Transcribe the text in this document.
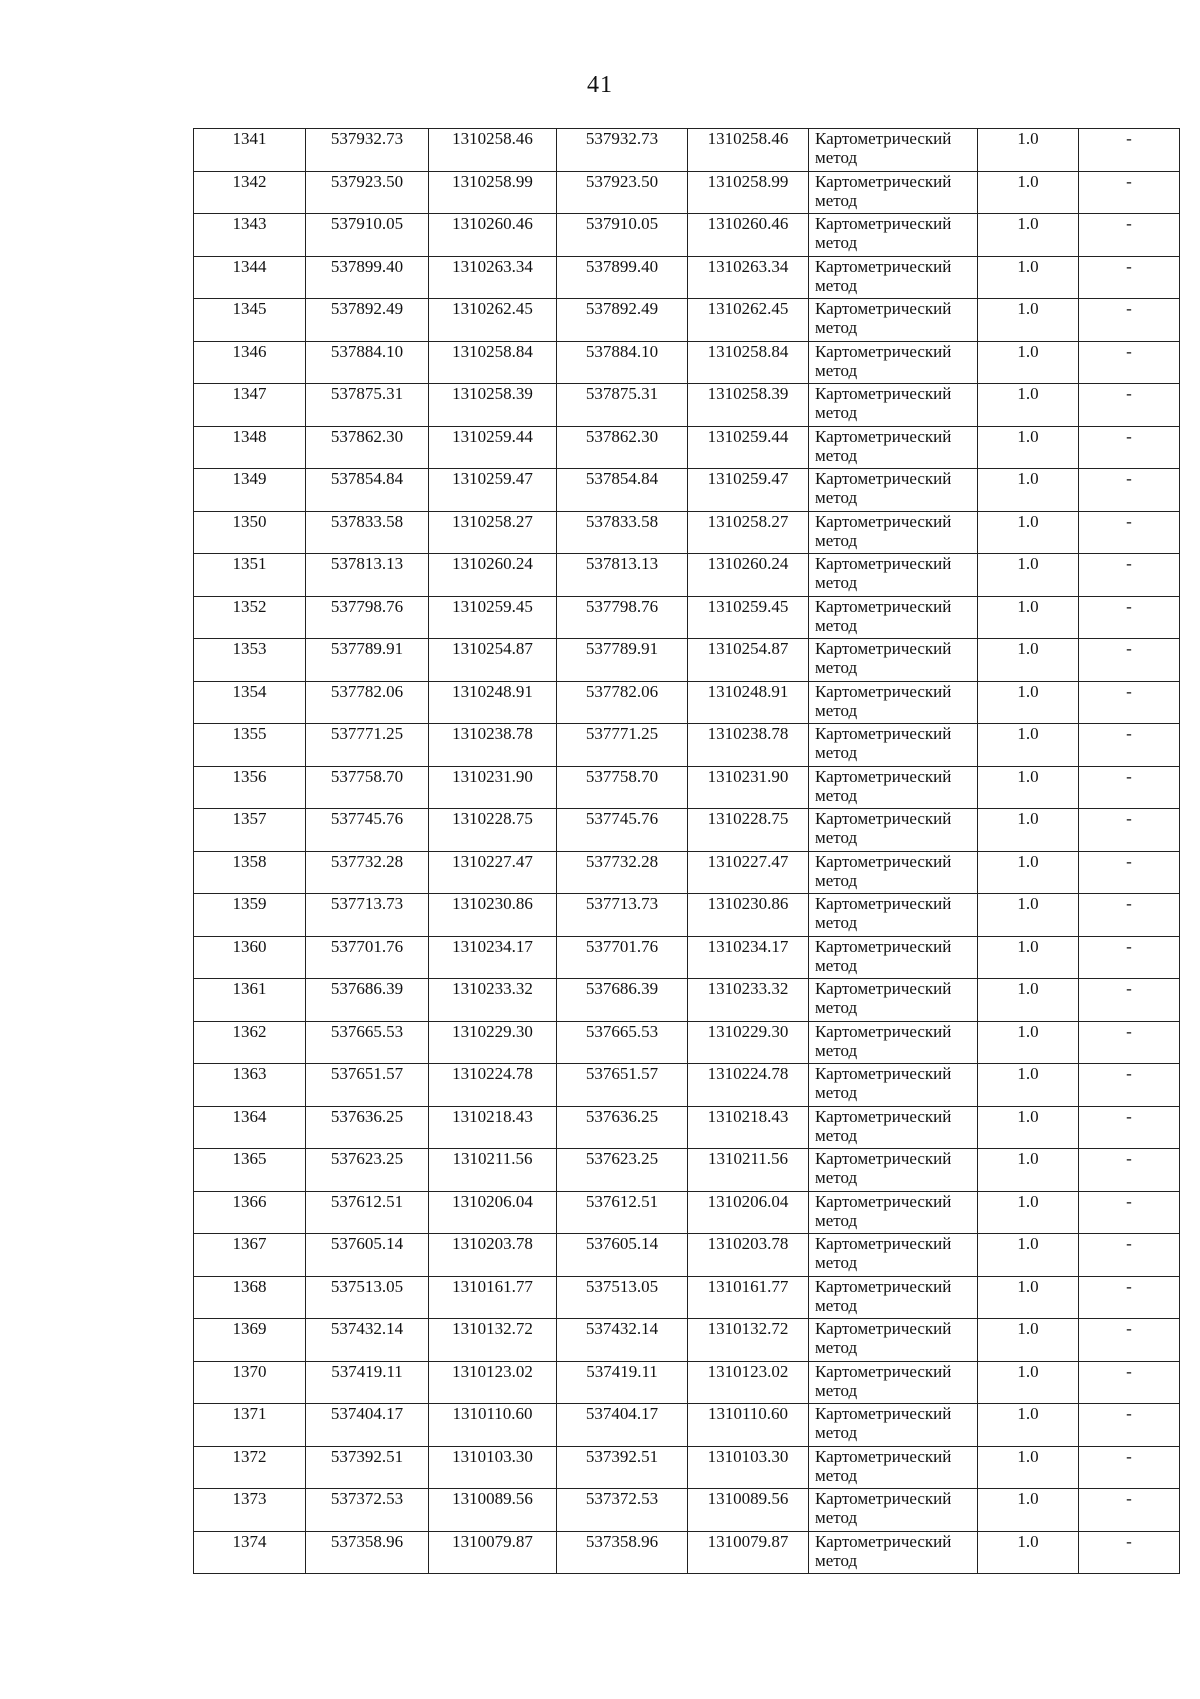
41
1341	537932.73	1310258.46	537932.73	1310258.46	Картометрический метод	1.0	-
1342	537923.50	1310258.99	537923.50	1310258.99	Картометрический метод	1.0	-
1343	537910.05	1310260.46	537910.05	1310260.46	Картометрический метод	1.0	-
1344	537899.40	1310263.34	537899.40	1310263.34	Картометрический метод	1.0	-
1345	537892.49	1310262.45	537892.49	1310262.45	Картометрический метод	1.0	-
1346	537884.10	1310258.84	537884.10	1310258.84	Картометрический метод	1.0	-
1347	537875.31	1310258.39	537875.31	1310258.39	Картометрический метод	1.0	-
1348	537862.30	1310259.44	537862.30	1310259.44	Картометрический метод	1.0	-
1349	537854.84	1310259.47	537854.84	1310259.47	Картометрический метод	1.0	-
1350	537833.58	1310258.27	537833.58	1310258.27	Картометрический метод	1.0	-
1351	537813.13	1310260.24	537813.13	1310260.24	Картометрический метод	1.0	-
1352	537798.76	1310259.45	537798.76	1310259.45	Картометрический метод	1.0	-
1353	537789.91	1310254.87	537789.91	1310254.87	Картометрический метод	1.0	-
1354	537782.06	1310248.91	537782.06	1310248.91	Картометрический метод	1.0	-
1355	537771.25	1310238.78	537771.25	1310238.78	Картометрический метод	1.0	-
1356	537758.70	1310231.90	537758.70	1310231.90	Картометрический метод	1.0	-
1357	537745.76	1310228.75	537745.76	1310228.75	Картометрический метод	1.0	-
1358	537732.28	1310227.47	537732.28	1310227.47	Картометрический метод	1.0	-
1359	537713.73	1310230.86	537713.73	1310230.86	Картометрический метод	1.0	-
1360	537701.76	1310234.17	537701.76	1310234.17	Картометрический метод	1.0	-
1361	537686.39	1310233.32	537686.39	1310233.32	Картометрический метод	1.0	-
1362	537665.53	1310229.30	537665.53	1310229.30	Картометрический метод	1.0	-
1363	537651.57	1310224.78	537651.57	1310224.78	Картометрический метод	1.0	-
1364	537636.25	1310218.43	537636.25	1310218.43	Картометрический метод	1.0	-
1365	537623.25	1310211.56	537623.25	1310211.56	Картометрический метод	1.0	-
1366	537612.51	1310206.04	537612.51	1310206.04	Картометрический метод	1.0	-
1367	537605.14	1310203.78	537605.14	1310203.78	Картометрический метод	1.0	-
1368	537513.05	1310161.77	537513.05	1310161.77	Картометрический метод	1.0	-
1369	537432.14	1310132.72	537432.14	1310132.72	Картометрический метод	1.0	-
1370	537419.11	1310123.02	537419.11	1310123.02	Картометрический метод	1.0	-
1371	537404.17	1310110.60	537404.17	1310110.60	Картометрический метод	1.0	-
1372	537392.51	1310103.30	537392.51	1310103.30	Картометрический метод	1.0	-
1373	537372.53	1310089.56	537372.53	1310089.56	Картометрический метод	1.0	-
1374	537358.96	1310079.87	537358.96	1310079.87	Картометрический метод	1.0	-
